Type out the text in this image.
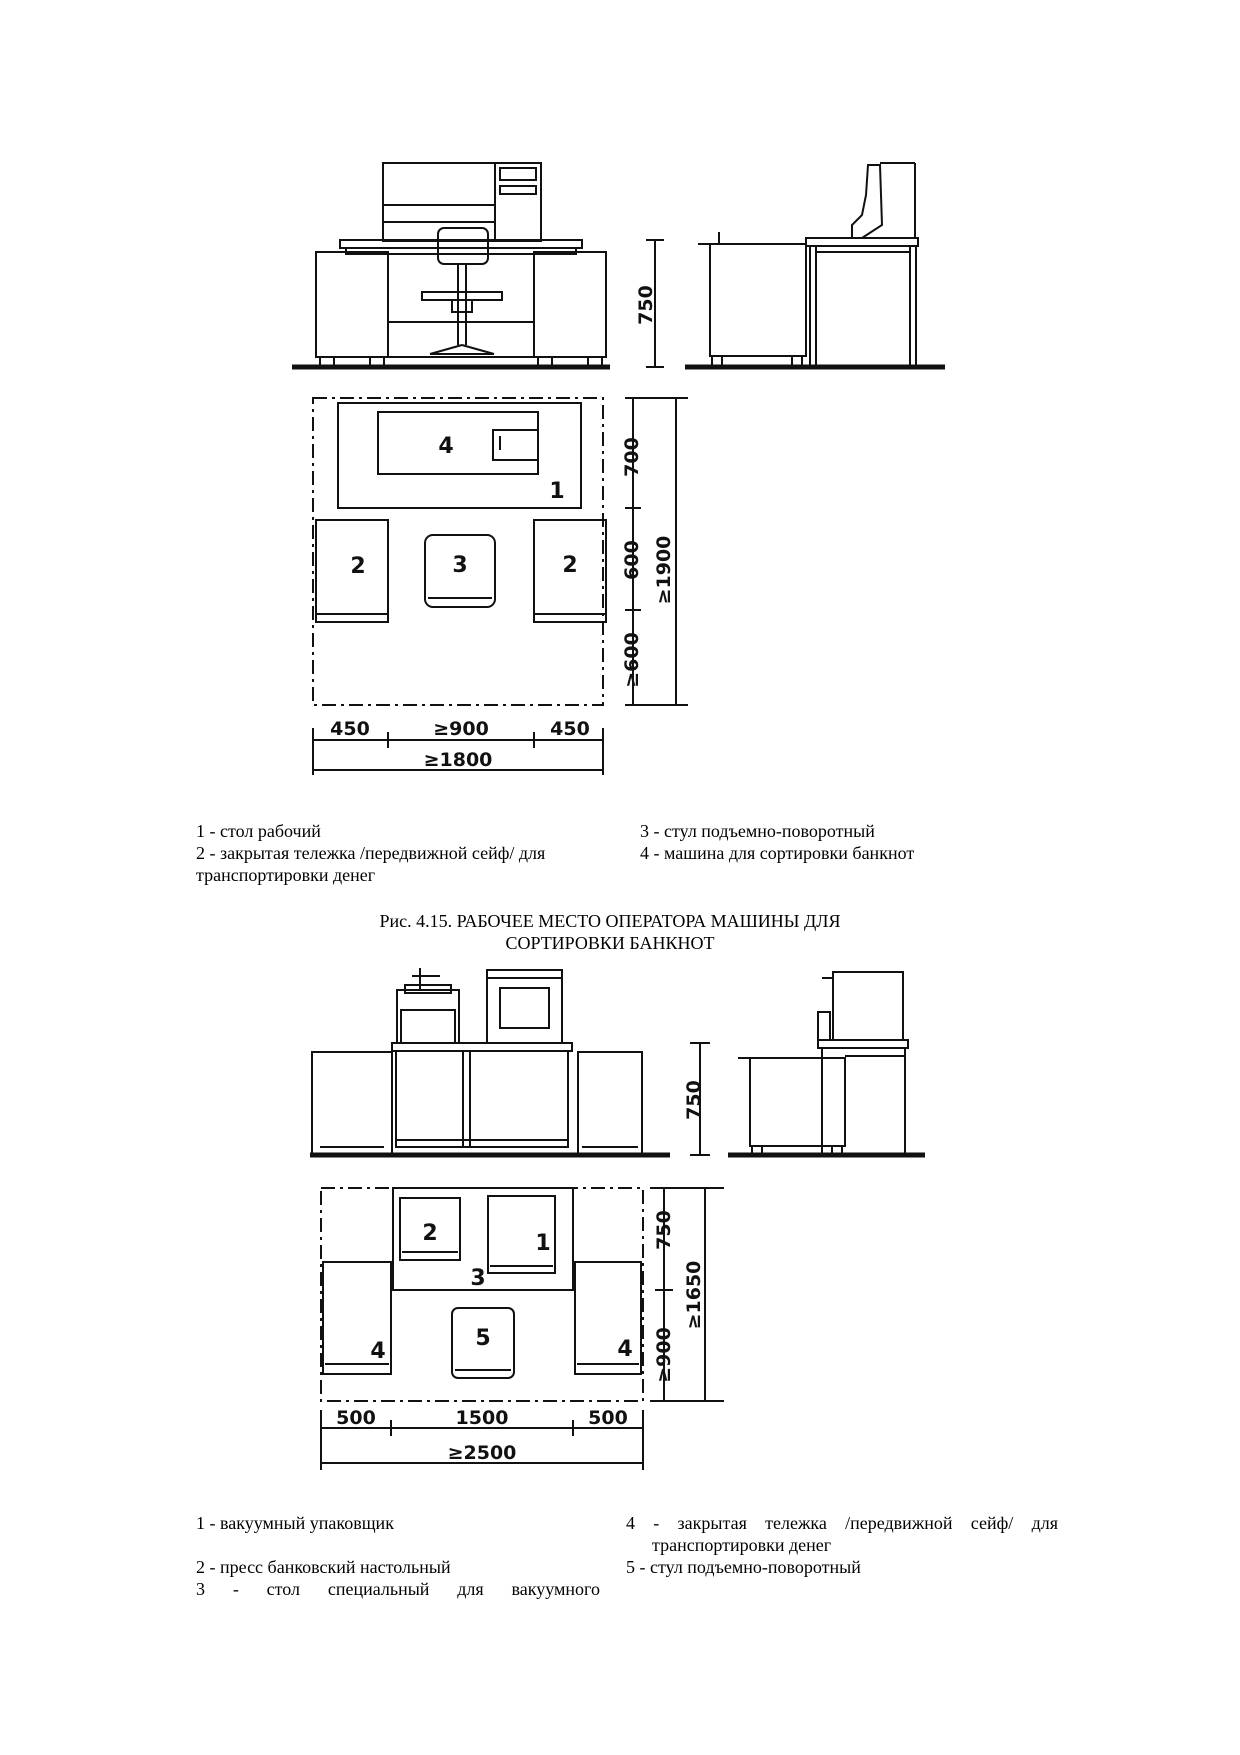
750
700
600
≥600
≥1900
450	≥900	450
≥1800
4
1
2	3	2
750
750
≥900
≥1650
500	1500	500
≥2500
2	1
3
4
5	4

1 - стол рабочий

2 - закрытая тележка /передвижной сейф/ для

транспортировки денег

3 - стул подъемно-поворотный

4 - машина для сортировки банкнот

Рис. 4.15. РАБОЧЕЕ МЕСТО ОПЕРАТОРА МАШИНЫ ДЛЯ
СОРТИРОВКИ БАНКНОТ

1 - вакуумный упаковщик

2 - пресс банковский настольный

3 - стол специальный для вакуумного

4 - закрытая тележка /передвижной сейф/ для

транспортировки денег

5 - стул подъемно-поворотный
